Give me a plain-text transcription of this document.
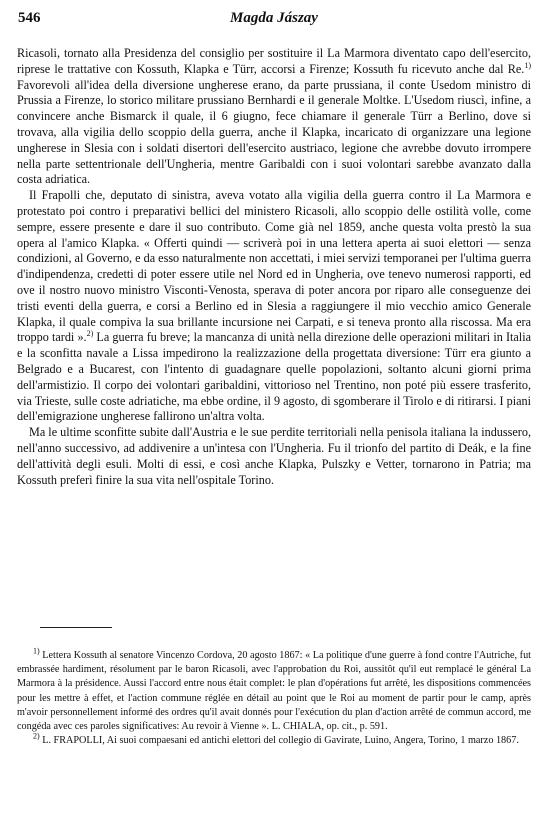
546	Magda Jászay

Ricasoli, tornato alla Presidenza del consiglio per sostituire il La Marmora diventato capo dell'esercito, riprese le trattative con Kossuth, Klapka e Türr, accorsi a Firenze; Kossuth fu ricevuto anche dal Re.$^{1)}$ Favorevoli all'idea della diversione ungherese erano, da parte prussiana, il conte Usedom ministro di Prussia a Firenze, lo storico militare prussiano Bernhardi e il generale Moltke. L'Usedom riuscì, infine, a convincere anche Bismarck il quale, il 6 giugno, fece chiamare il generale Türr a Berlino, dove si trovava, alla vigilia dello scoppio della guerra, anche il Klapka, incaricato di organizzare una legione ungherese in Slesia con i soldati disertori dell'esercito austriaco, legione che avrebbe dovuto irrompere nella parte settentrionale dell'Ungheria, mentre Garibaldi con i suoi volontari sarebbe avanzato dalla costa adriatica.

Il Frapolli che, deputato di sinistra, aveva votato alla vigilia della guerra contro il La Marmora e protestato poi contro i preparativi bellici del ministero Ricasoli, allo scoppio delle ostilità volle, come sempre, essere presente e dare il suo contributo. Come già nel 1859, anche questa volta prestò la sua opera al l'amico Klapka. « Offerti quindi — scriverà poi in una lettera aperta ai suoi elettori — senza condizioni, al Governo, e da esso naturalmente non accettati, i miei servizi temporanei per l'ultima guerra d'indipendenza, credetti di poter essere utile nel Nord ed in Ungheria, ove tenevo numerosi rapporti, ed ove il nostro nuovo ministro Visconti-Venosta, sperava di poter ancora por riparo alle conseguenze dei tristi eventi della guerra, e corsi a Berlino ed in Slesia a raggiungere il mio vecchio amico Generale Klapka, il quale compiva la sua brillante incursione nei Carpati, e si teneva pronto alla riscossa. Ma era troppo tardi ».$^{2)}$ La guerra fu breve; la mancanza di unità nella direzione delle operazioni militari in Italia e la sconfitta navale a Lissa impedirono la realizzazione della progettata diversione: Türr era giunto a Belgrado e a Bucarest, con l'intento di guadagnare quelle popolazioni, soltanto alcuni giorni prima dell'armistizio. Il corpo dei volontari garibaldini, vittorioso nel Trentino, non poté più essere trasferito, via Trieste, sulle coste adriatiche, ma ebbe ordine, il 9 agosto, di sgomberare il Tirolo e di ritirarsi. I piani dell'emigrazione ungherese fallirono un'altra volta.

Ma le ultime sconfitte subite dall'Austria e le sue perdite territoriali nella penisola italiana la indussero, nell'anno successivo, ad addivenire a un'intesa con l'Ungheria. Fu il trionfo del partito di Deák, e la fine dell'attività degli esuli. Molti di essi, e così anche Klapka, Pulszky e Vetter, tornarono in Patria; ma Kossuth preferì finire la sua vita nell'ospitale Torino.

$^{1)}$ Lettera Kossuth al senatore Vincenzo Cordova, 20 agosto 1867: « La politique d'une guerre à fond contre l'Autriche, fut embrassée hardiment, résolument par le baron Ricasoli, avec l'approbation du Roi, aussitôt qu'il eut remplacé le général La Marmora à la présidence. Aussi l'accord entre nous était complet: le plan d'opérations fut arrêté, les dispositions commencées pour les mettre à effet, et l'action commune réglée en détail au point que le Roi au moment de partir pour le camp, après m'avoir personnellement informé des ordres qu'il avait donnés pour l'exécution du plan d'action arrêté de commun accord, me congéda avec ces paroles significatives: Au revoir à Vienne ». L. CHIALA, op. cit., p. 591.

$^{2)}$ L. FRAPOLLI, Ai suoi compaesani ed antichi elettori del collegio di Gavirate, Luino, Angera, Torino, 1 marzo 1867.
